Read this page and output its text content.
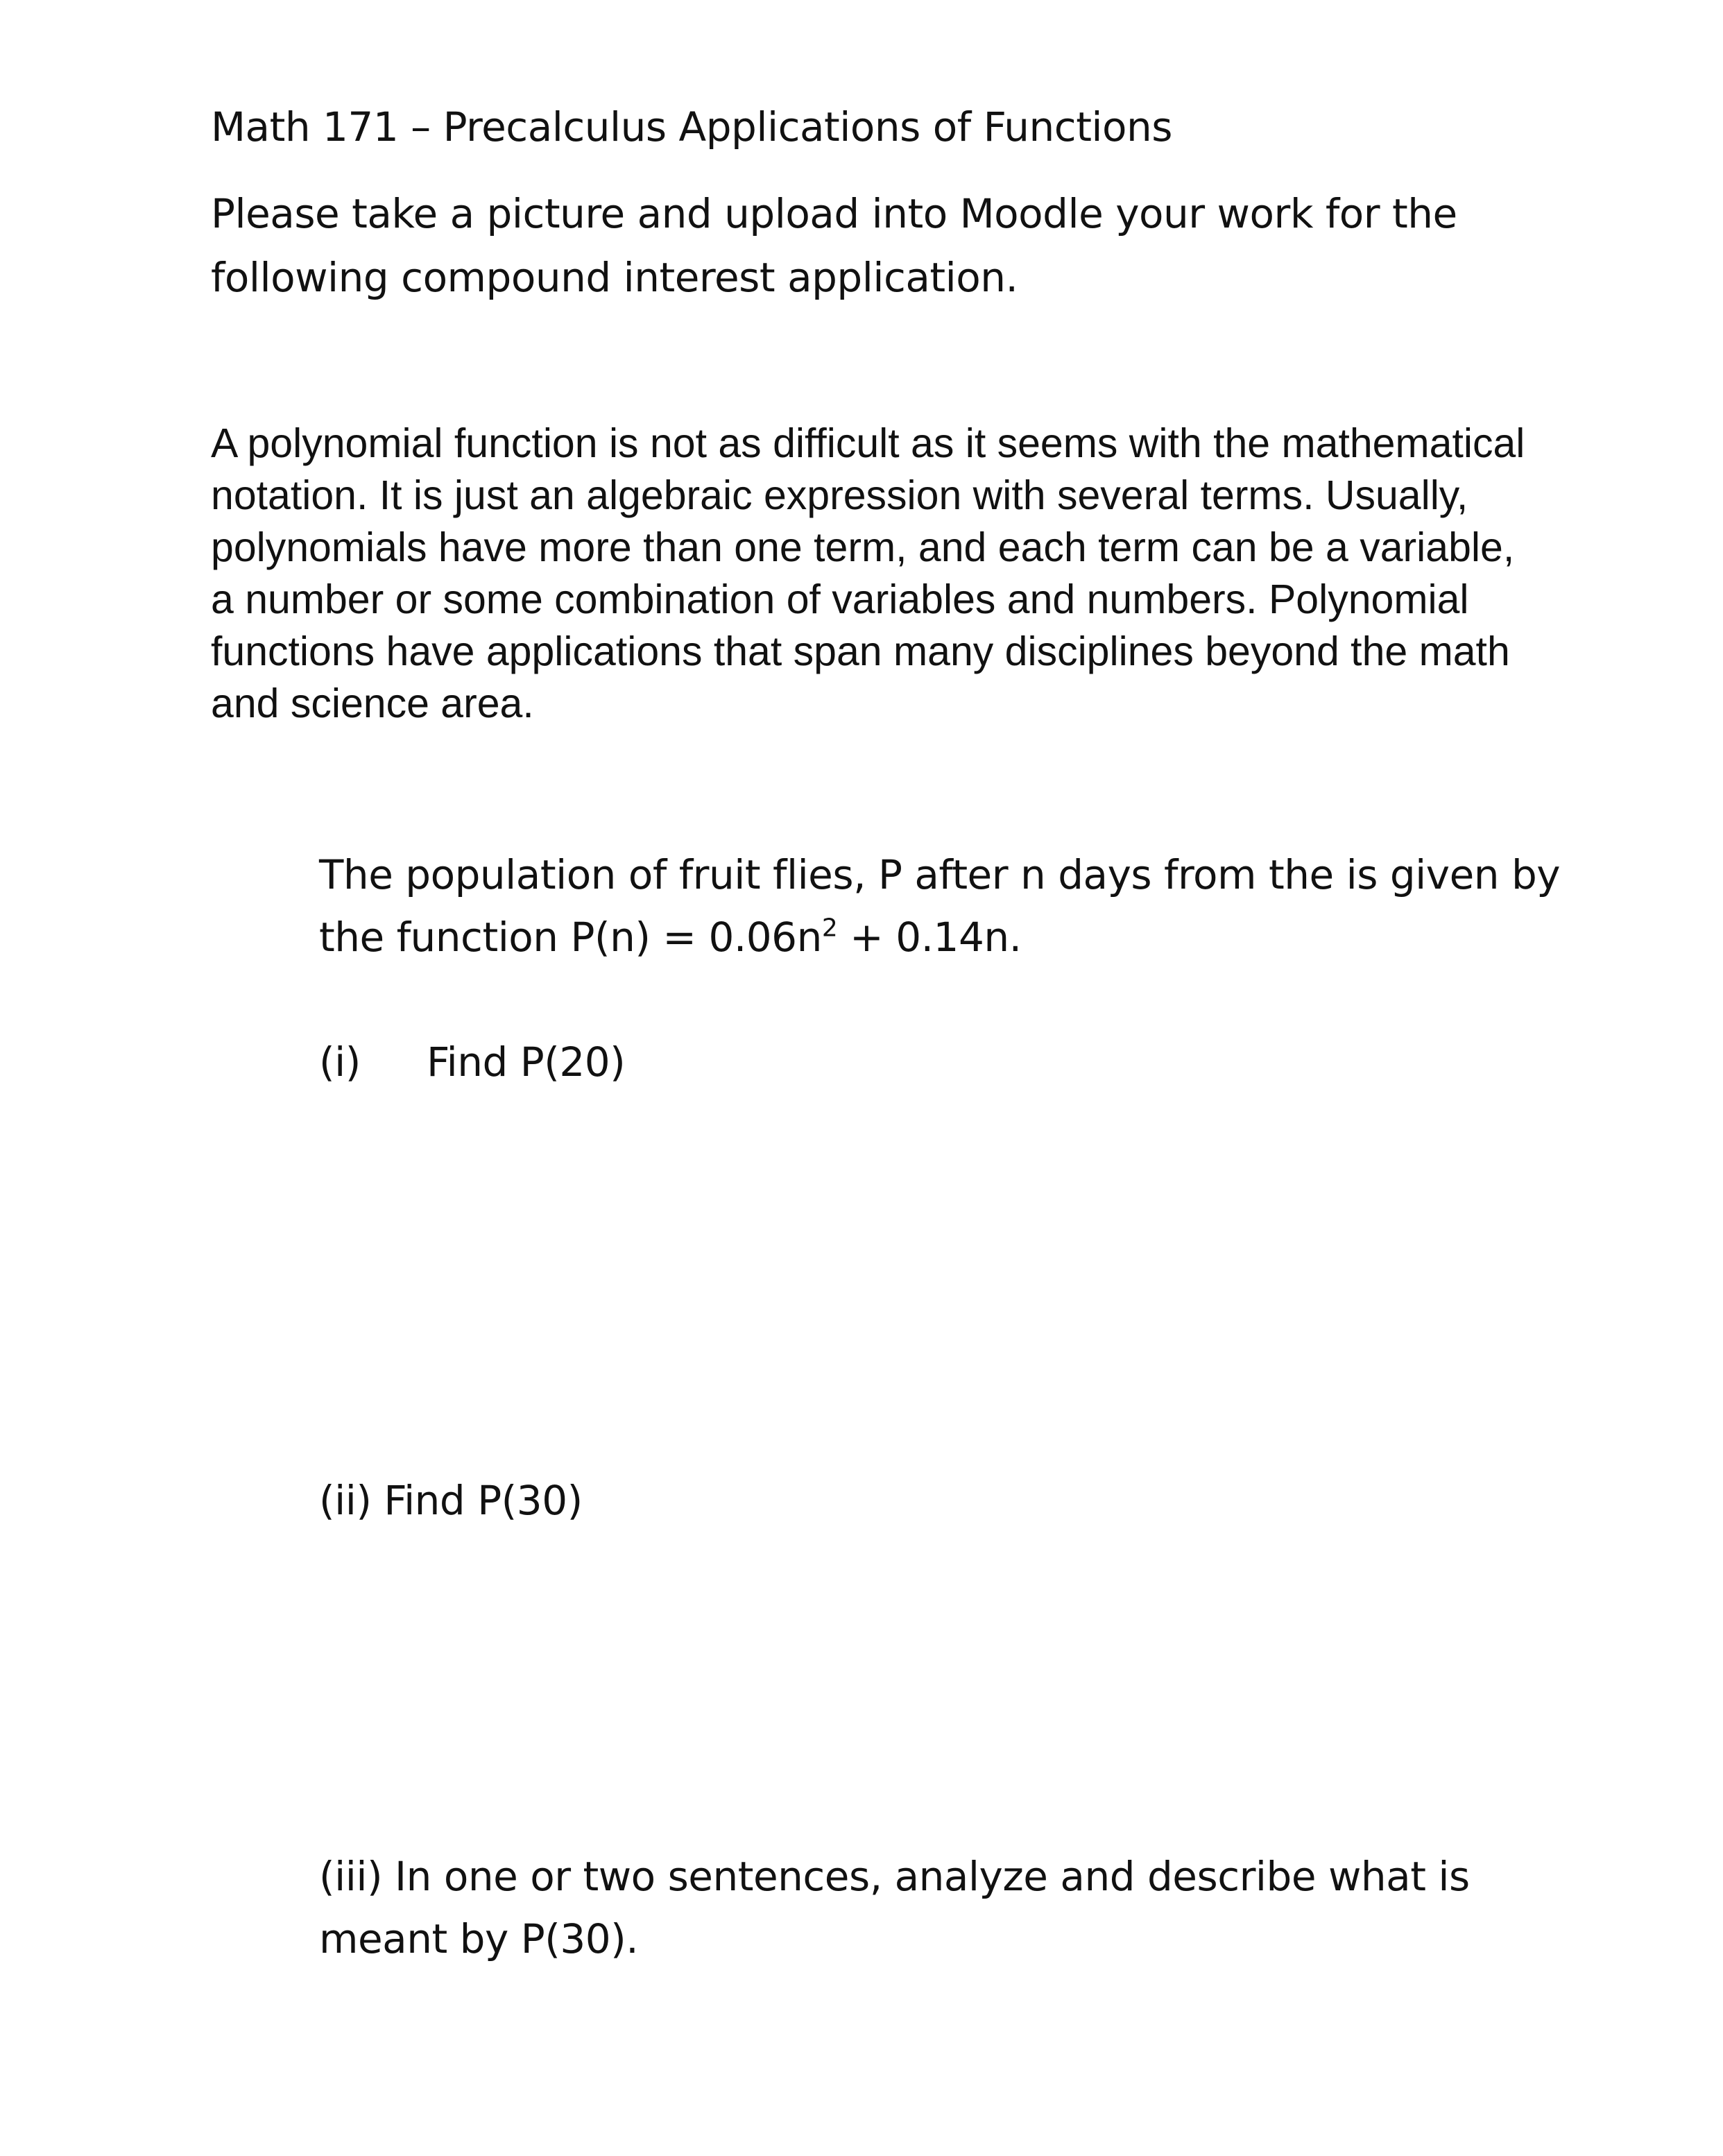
Math 171 – Precalculus Applications of Functions
Please take a picture and upload into Moodle your work for the
following compound interest application.
A polynomial function is not as difficult as it seems with the mathematical
notation. It is just an algebraic expression with several terms. Usually,
polynomials have more than one term, and each term can be a variable,
a number or some combination of variables and numbers. Polynomial
functions have applications that span many disciplines beyond the math
and science area.
The population of fruit flies, P after n days from the is given by
the function $P(n) = 0.06n^2 + 0.14n$.
(i) Find P(20)
(ii) Find P(30)
(iii) In one or two sentences, analyze and describe what is
meant by P(30).
